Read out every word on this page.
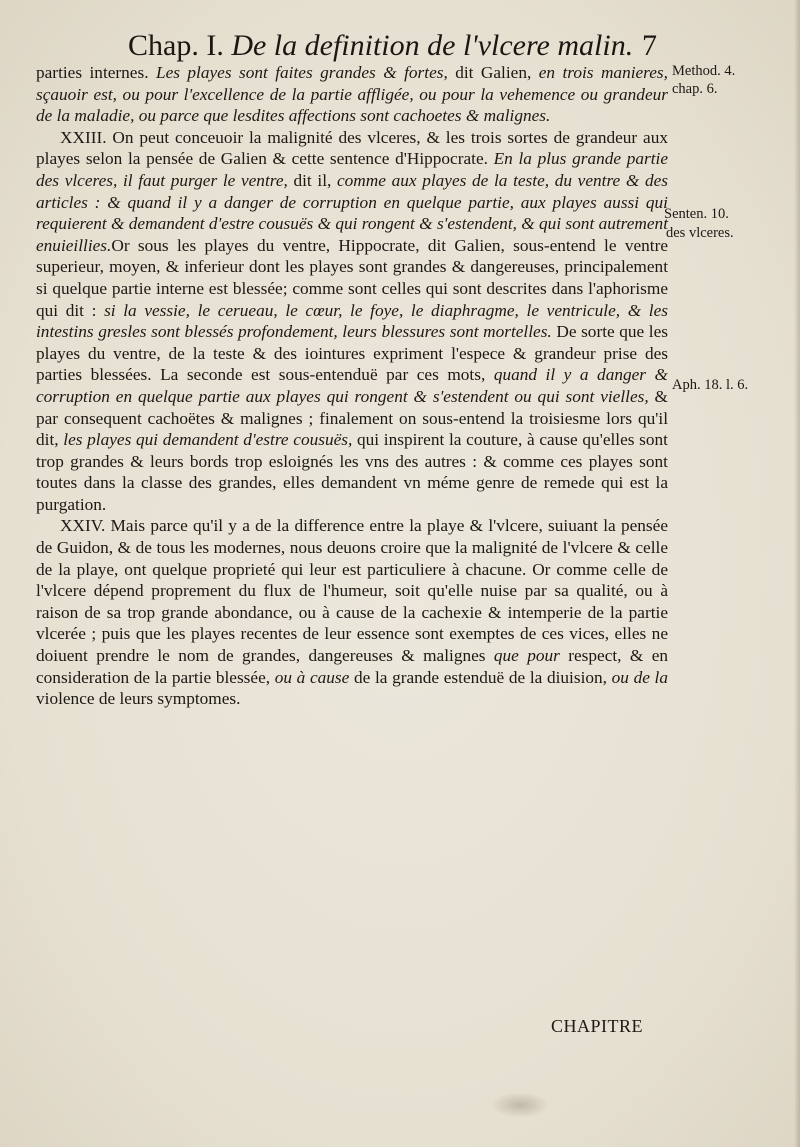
Chap. I. De la definition de l'vlcere malin. 7
Method. 4.
chap. 6.
Senten. 10.
des vlceres.
Aph. 18. l. 6.

parties internes. Les playes sont faites grandes & fortes, dit Galien, en trois manieres, sçauoir est, ou pour l'excellence de la partie affligée, ou pour la vehemence ou grandeur de la maladie, ou parce que lesdites affections sont cachoetes & malignes.

XXIII. On peut conceuoir la malignité des vlceres, & les trois sortes de grandeur aux playes selon la pensée de Galien & cette sentence d'Hippocrate. En la plus grande partie des vlceres, il faut purger le ventre, dit il, comme aux playes de la teste, du ventre & des articles : & quand il y a danger de corruption en quelque partie, aux playes aussi qui requierent & demandent d'estre cousuës & qui rongent & s'estendent, & qui sont autrement enuieillies.Or sous les playes du ventre, Hippocrate, dit Galien, sous-entend le ventre superieur, moyen, & inferieur dont les playes sont grandes & dangereuses, principalement si quelque partie interne est blessée; comme sont celles qui sont descrites dans l'aphorisme qui dit : si la vessie, le cerueau, le cœur, le foye, le diaphragme, le ventricule, & les intestins gresles sont blessés profondement, leurs blessures sont mortelles. De sorte que les playes du ventre, de la teste & des iointures expriment l'espece & grandeur prise des parties blessées. La seconde est sous-entenduë par ces mots, quand il y a danger & corruption en quelque partie aux playes qui rongent & s'estendent ou qui sont vielles, & par consequent cachoëtes & malignes ; finalement on sous-entend la troisiesme lors qu'il dit, les playes qui demandent d'estre cousuës, qui inspirent la couture, à cause qu'elles sont trop grandes & leurs bords trop esloignés les vns des autres : & comme ces playes sont toutes dans la classe des grandes, elles demandent vn méme genre de remede qui est la purgation.

XXIV. Mais parce qu'il y a de la difference entre la playe & l'vlcere, suiuant la pensée de Guidon, & de tous les modernes, nous deuons croire que la malignité de l'vlcere & celle de la playe, ont quelque proprieté qui leur est particuliere à chacune. Or comme celle de l'vlcere dépend proprement du flux de l'humeur, soit qu'elle nuise par sa qualité, ou à raison de sa trop grande abondance, ou à cause de la cachexie & intemperie de la partie vlcerée ; puis que les playes recentes de leur essence sont exemptes de ces vices, elles ne doiuent prendre le nom de grandes, dangereuses & malignes que pour respect, & en consideration de la partie blessée, ou à cause de la grande estenduë de la diuision, ou de la violence de leurs symptomes.

CHAPITRE
